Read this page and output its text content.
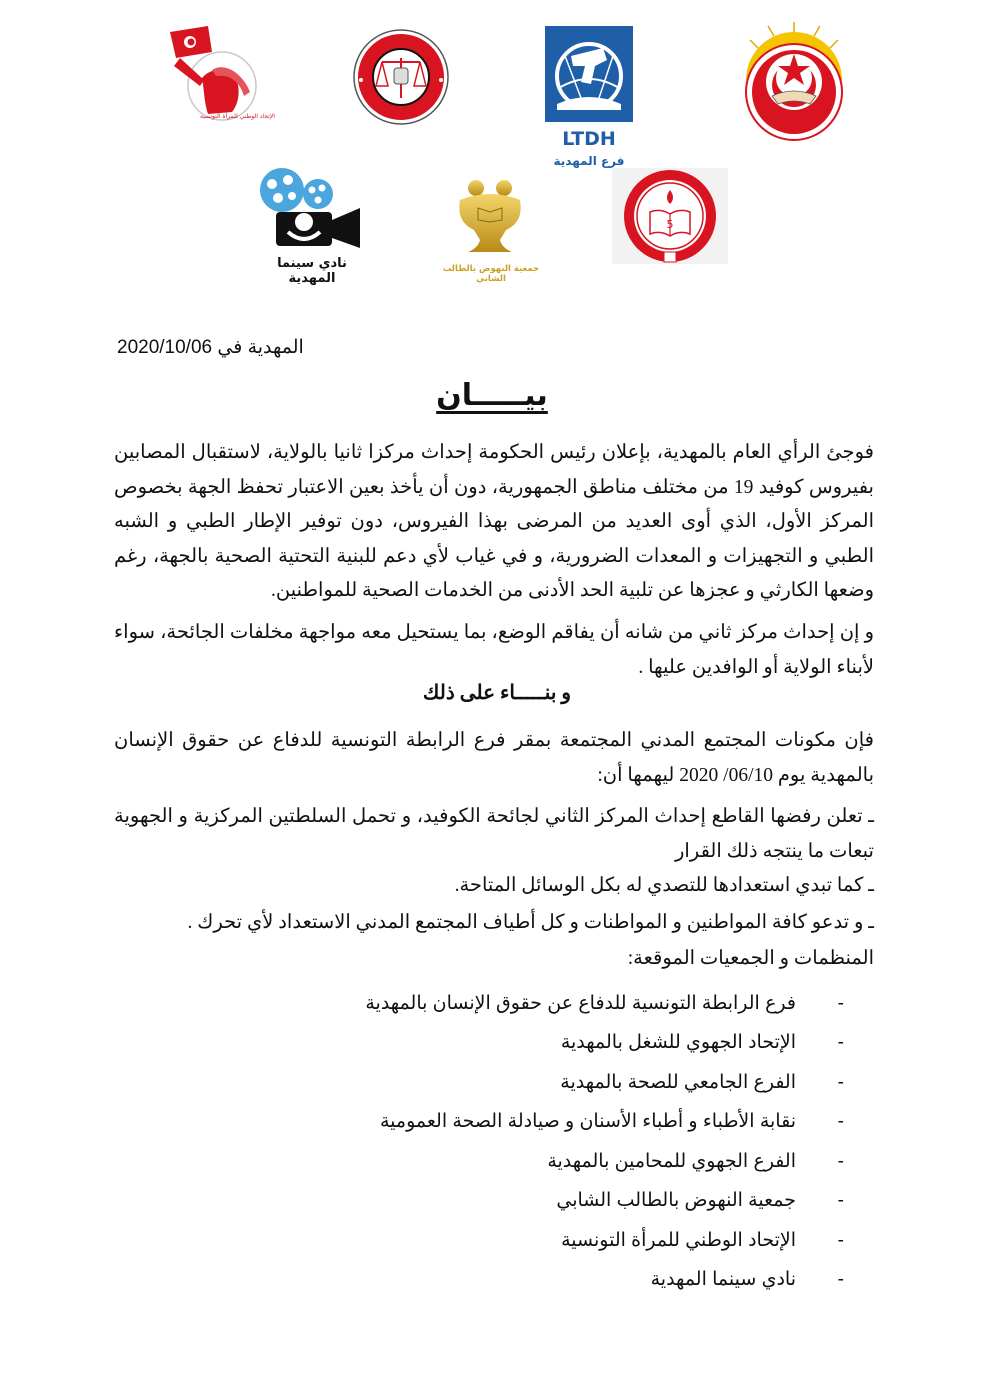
الإتحاد الوطني للمرأة التونسية
LTDH
فرع المهدية
نادي سينما المهدية
جمعية النهوض بالطالب الشابي
5
المهدية في 2020/10/06
بيـــــان

فوجئ الرأي العام بالمهدية، بإعلان رئيس الحكومة إحداث مركزا ثانيا بالولاية، لاستقبال المصابين بفيروس كوفيد 19 من مختلف مناطق الجمهورية، دون أن يأخذ بعين الاعتبار تحفظ الجهة بخصوص المركز الأول، الذي أوى العديد من المرضى بهذا الفيروس، دون توفير الإطار الطبي و الشبه الطبي و التجهيزات و المعدات الضرورية، و في غياب لأي دعم للبنية التحتية الصحية بالجهة، رغم وضعها الكارثي و عجزها عن تلبية الحد الأدنى من الخدمات الصحية للمواطنين.

و إن إحداث مركز ثاني من شانه أن يفاقم الوضع، بما يستحيل معه مواجهة مخلفات الجائحة، سواء لأبناء الولاية أو الوافدين عليها .

و بنـــــاء على ذلك

فإن مكونات المجتمع المدني المجتمعة بمقر فرع الرابطة التونسية للدفاع عن حقوق الإنسان بالمهدية يوم 06/10/ 2020 ليهمها أن:

ـ تعلن رفضها القاطع إحداث المركز الثاني لجائحة الكوفيد، و تحمل السلطتين المركزية و الجهوية تبعات ما ينتجه ذلك القرار

ـ كما تبدي استعدادها للتصدي له بكل الوسائل المتاحة.

ـ و تدعو كافة المواطنين و المواطنات و كل أطياف المجتمع المدني الاستعداد لأي تحرك .

المنظمات و الجمعيات الموقعة:
-
فرع الرابطة التونسية للدفاع عن حقوق الإنسان بالمهدية
-
الإتحاد الجهوي للشغل بالمهدية
-
الفرع الجامعي للصحة بالمهدية
-
نقابة الأطباء و أطباء الأسنان و صيادلة الصحة العمومية
-
الفرع الجهوي للمحامين بالمهدية
-
جمعية النهوض بالطالب الشابي
-
الإتحاد الوطني للمرأة التونسية
-
نادي سينما المهدية
